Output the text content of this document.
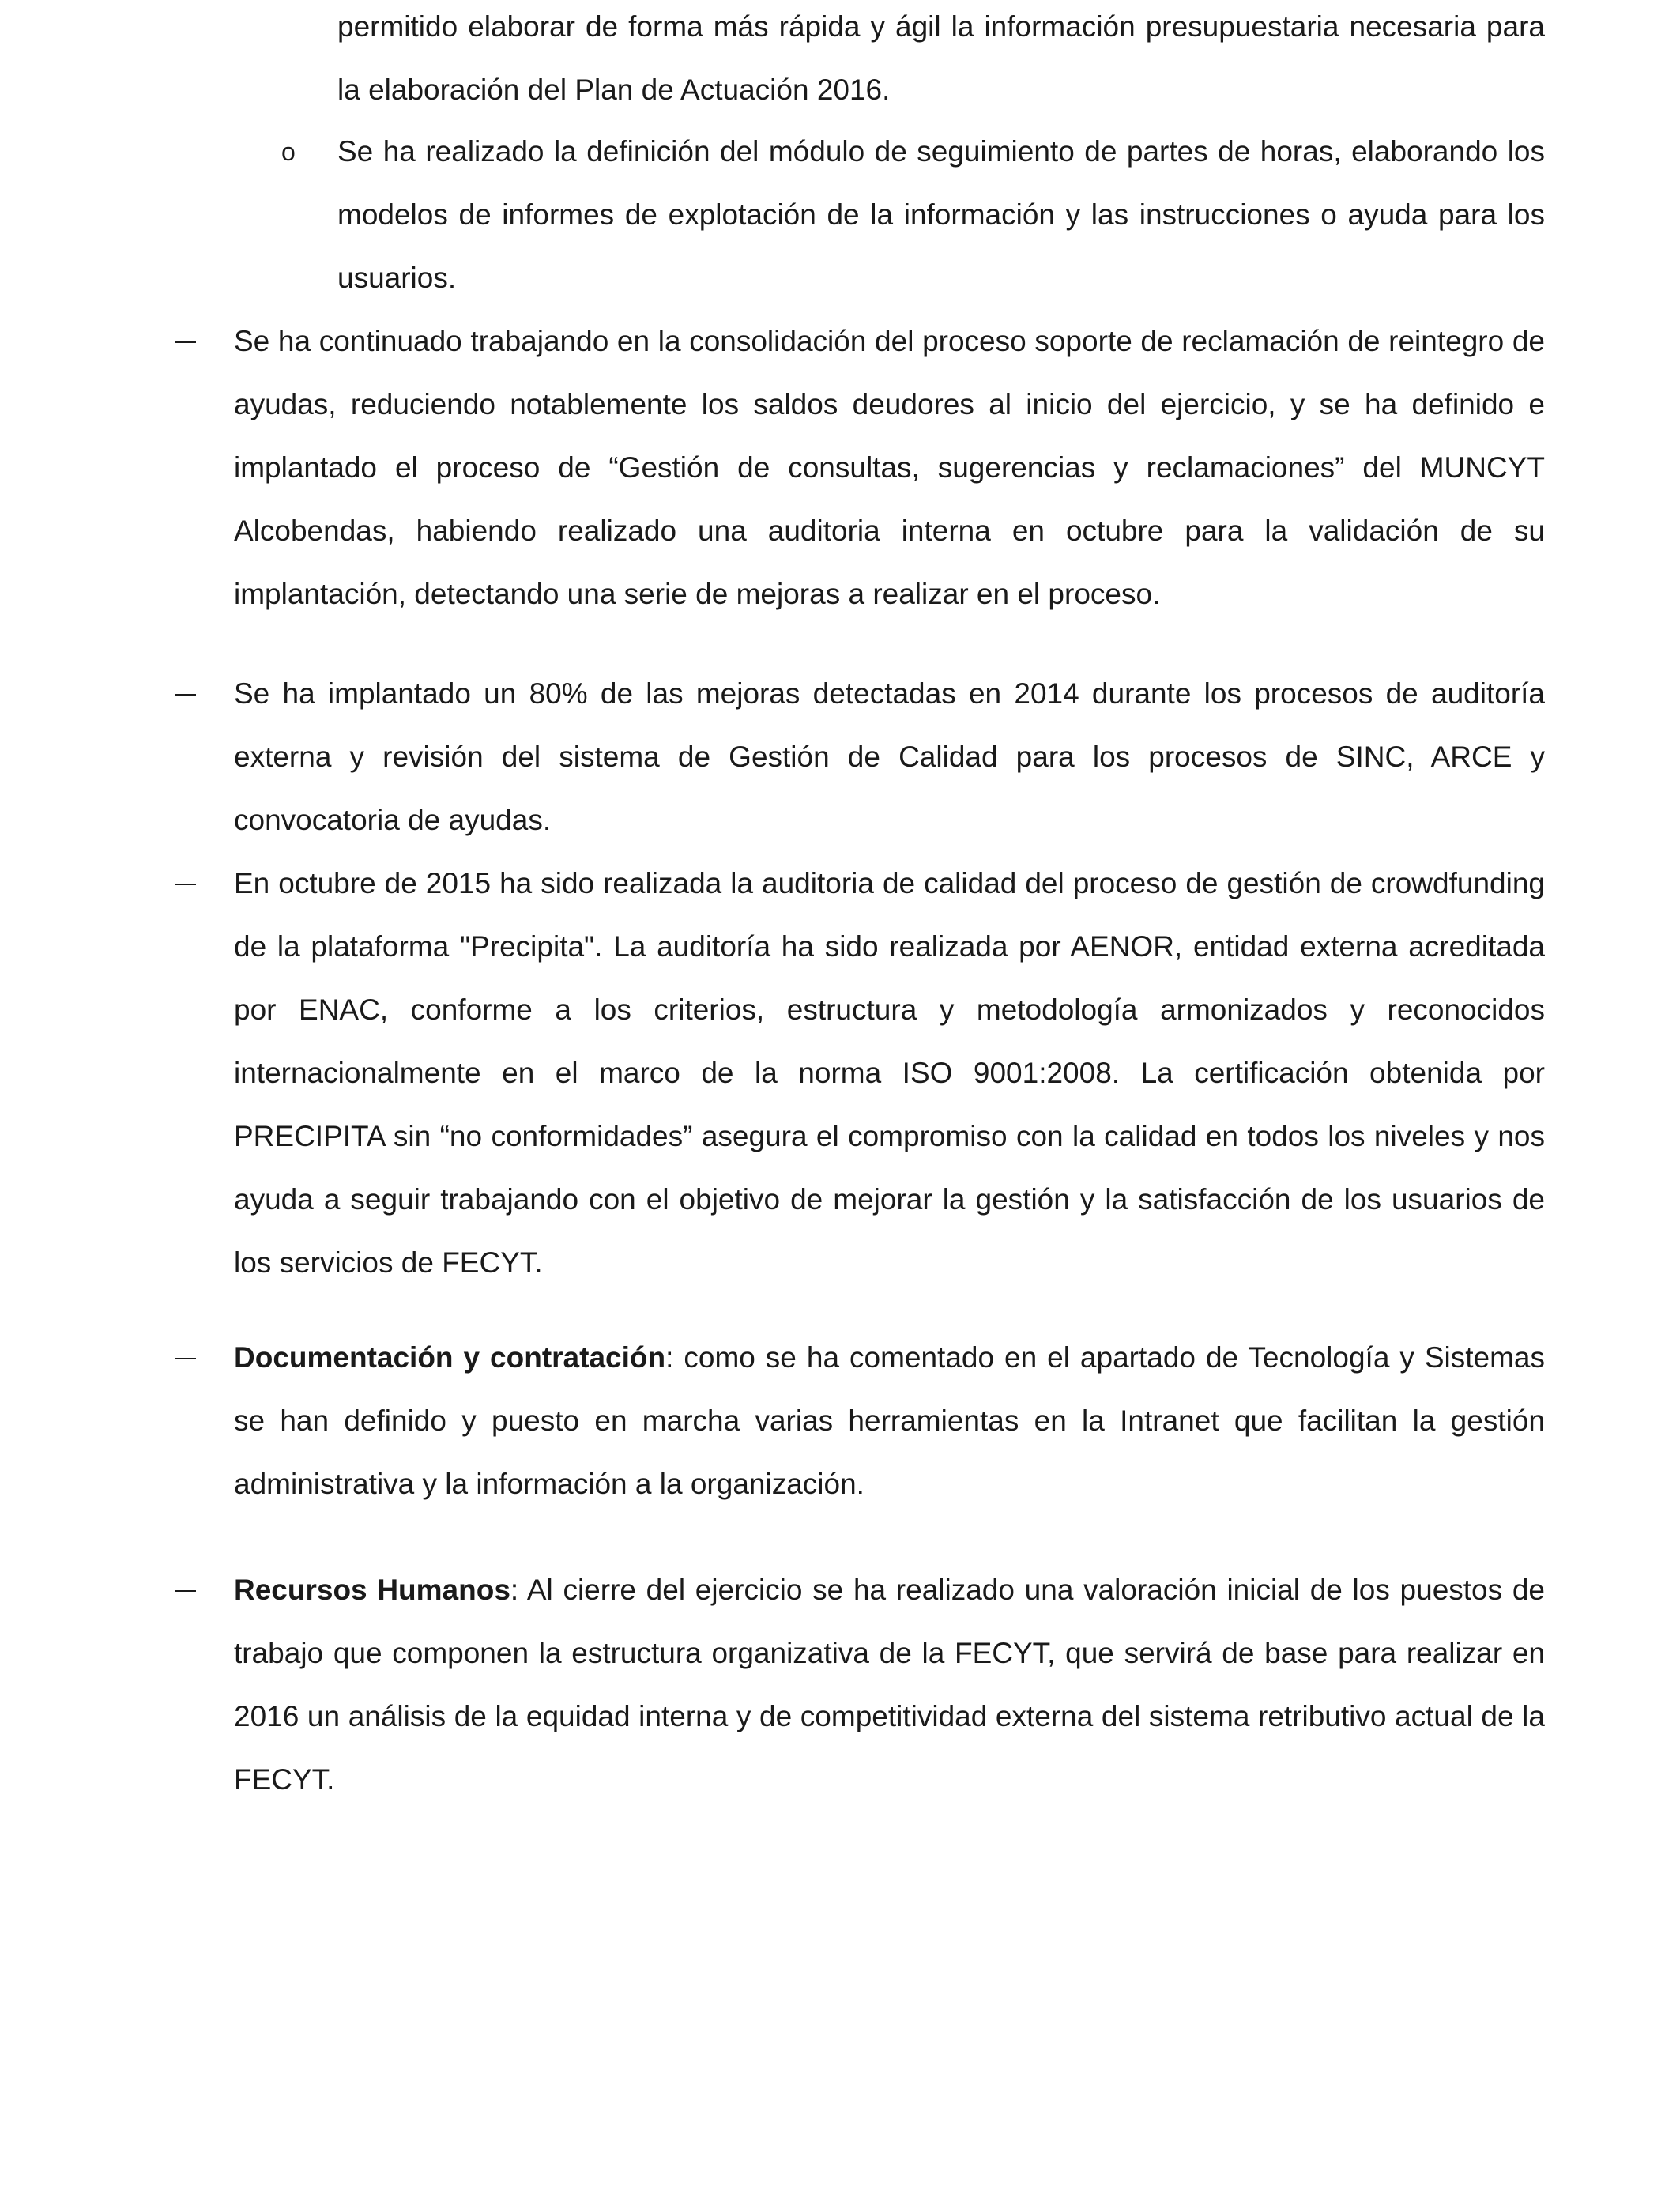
permitido elaborar de forma más rápida y ágil la información presupuestaria necesaria para la elaboración del Plan de Actuación 2016.

o Se ha realizado la definición del módulo de seguimiento de partes de horas, elaborando los modelos de informes de explotación de la información y las instrucciones o ayuda para los usuarios.

Se ha continuado trabajando en la consolidación del proceso soporte de reclamación de reintegro de ayudas, reduciendo notablemente los saldos deudores al inicio del ejercicio, y se ha definido e implantado el proceso de “Gestión de consultas, sugerencias y reclamaciones” del MUNCYT Alcobendas, habiendo realizado una auditoria interna en octubre para la validación de su implantación, detectando una serie de mejoras a realizar en el proceso.

Se ha implantado un 80% de las mejoras detectadas en 2014 durante los procesos de auditoría externa y revisión del sistema de Gestión de Calidad para los procesos de SINC, ARCE y convocatoria de ayudas.

En octubre de 2015 ha sido realizada la auditoria de calidad del proceso de gestión de crowdfunding de la plataforma "Precipita". La auditoría ha sido realizada por AENOR, entidad externa acreditada por ENAC, conforme a los criterios, estructura y metodología armonizados y reconocidos internacionalmente en el marco de la norma ISO 9001:2008. La certificación obtenida por PRECIPITA sin “no conformidades” asegura el compromiso con la calidad en todos los niveles y nos ayuda a seguir trabajando con el objetivo de mejorar la gestión y la satisfacción de los usuarios de los servicios de FECYT.

Documentación y contratación: como se ha comentado en el apartado de Tecnología y Sistemas se han definido y puesto en marcha varias herramientas en la Intranet que facilitan la gestión administrativa y la información a la organización.

Recursos Humanos: Al cierre del ejercicio se ha realizado una valoración inicial de los puestos de trabajo que componen la estructura organizativa de la FECYT, que servirá de base para realizar en 2016 un análisis de la equidad interna y de competitividad externa del sistema retributivo actual de la FECYT.
